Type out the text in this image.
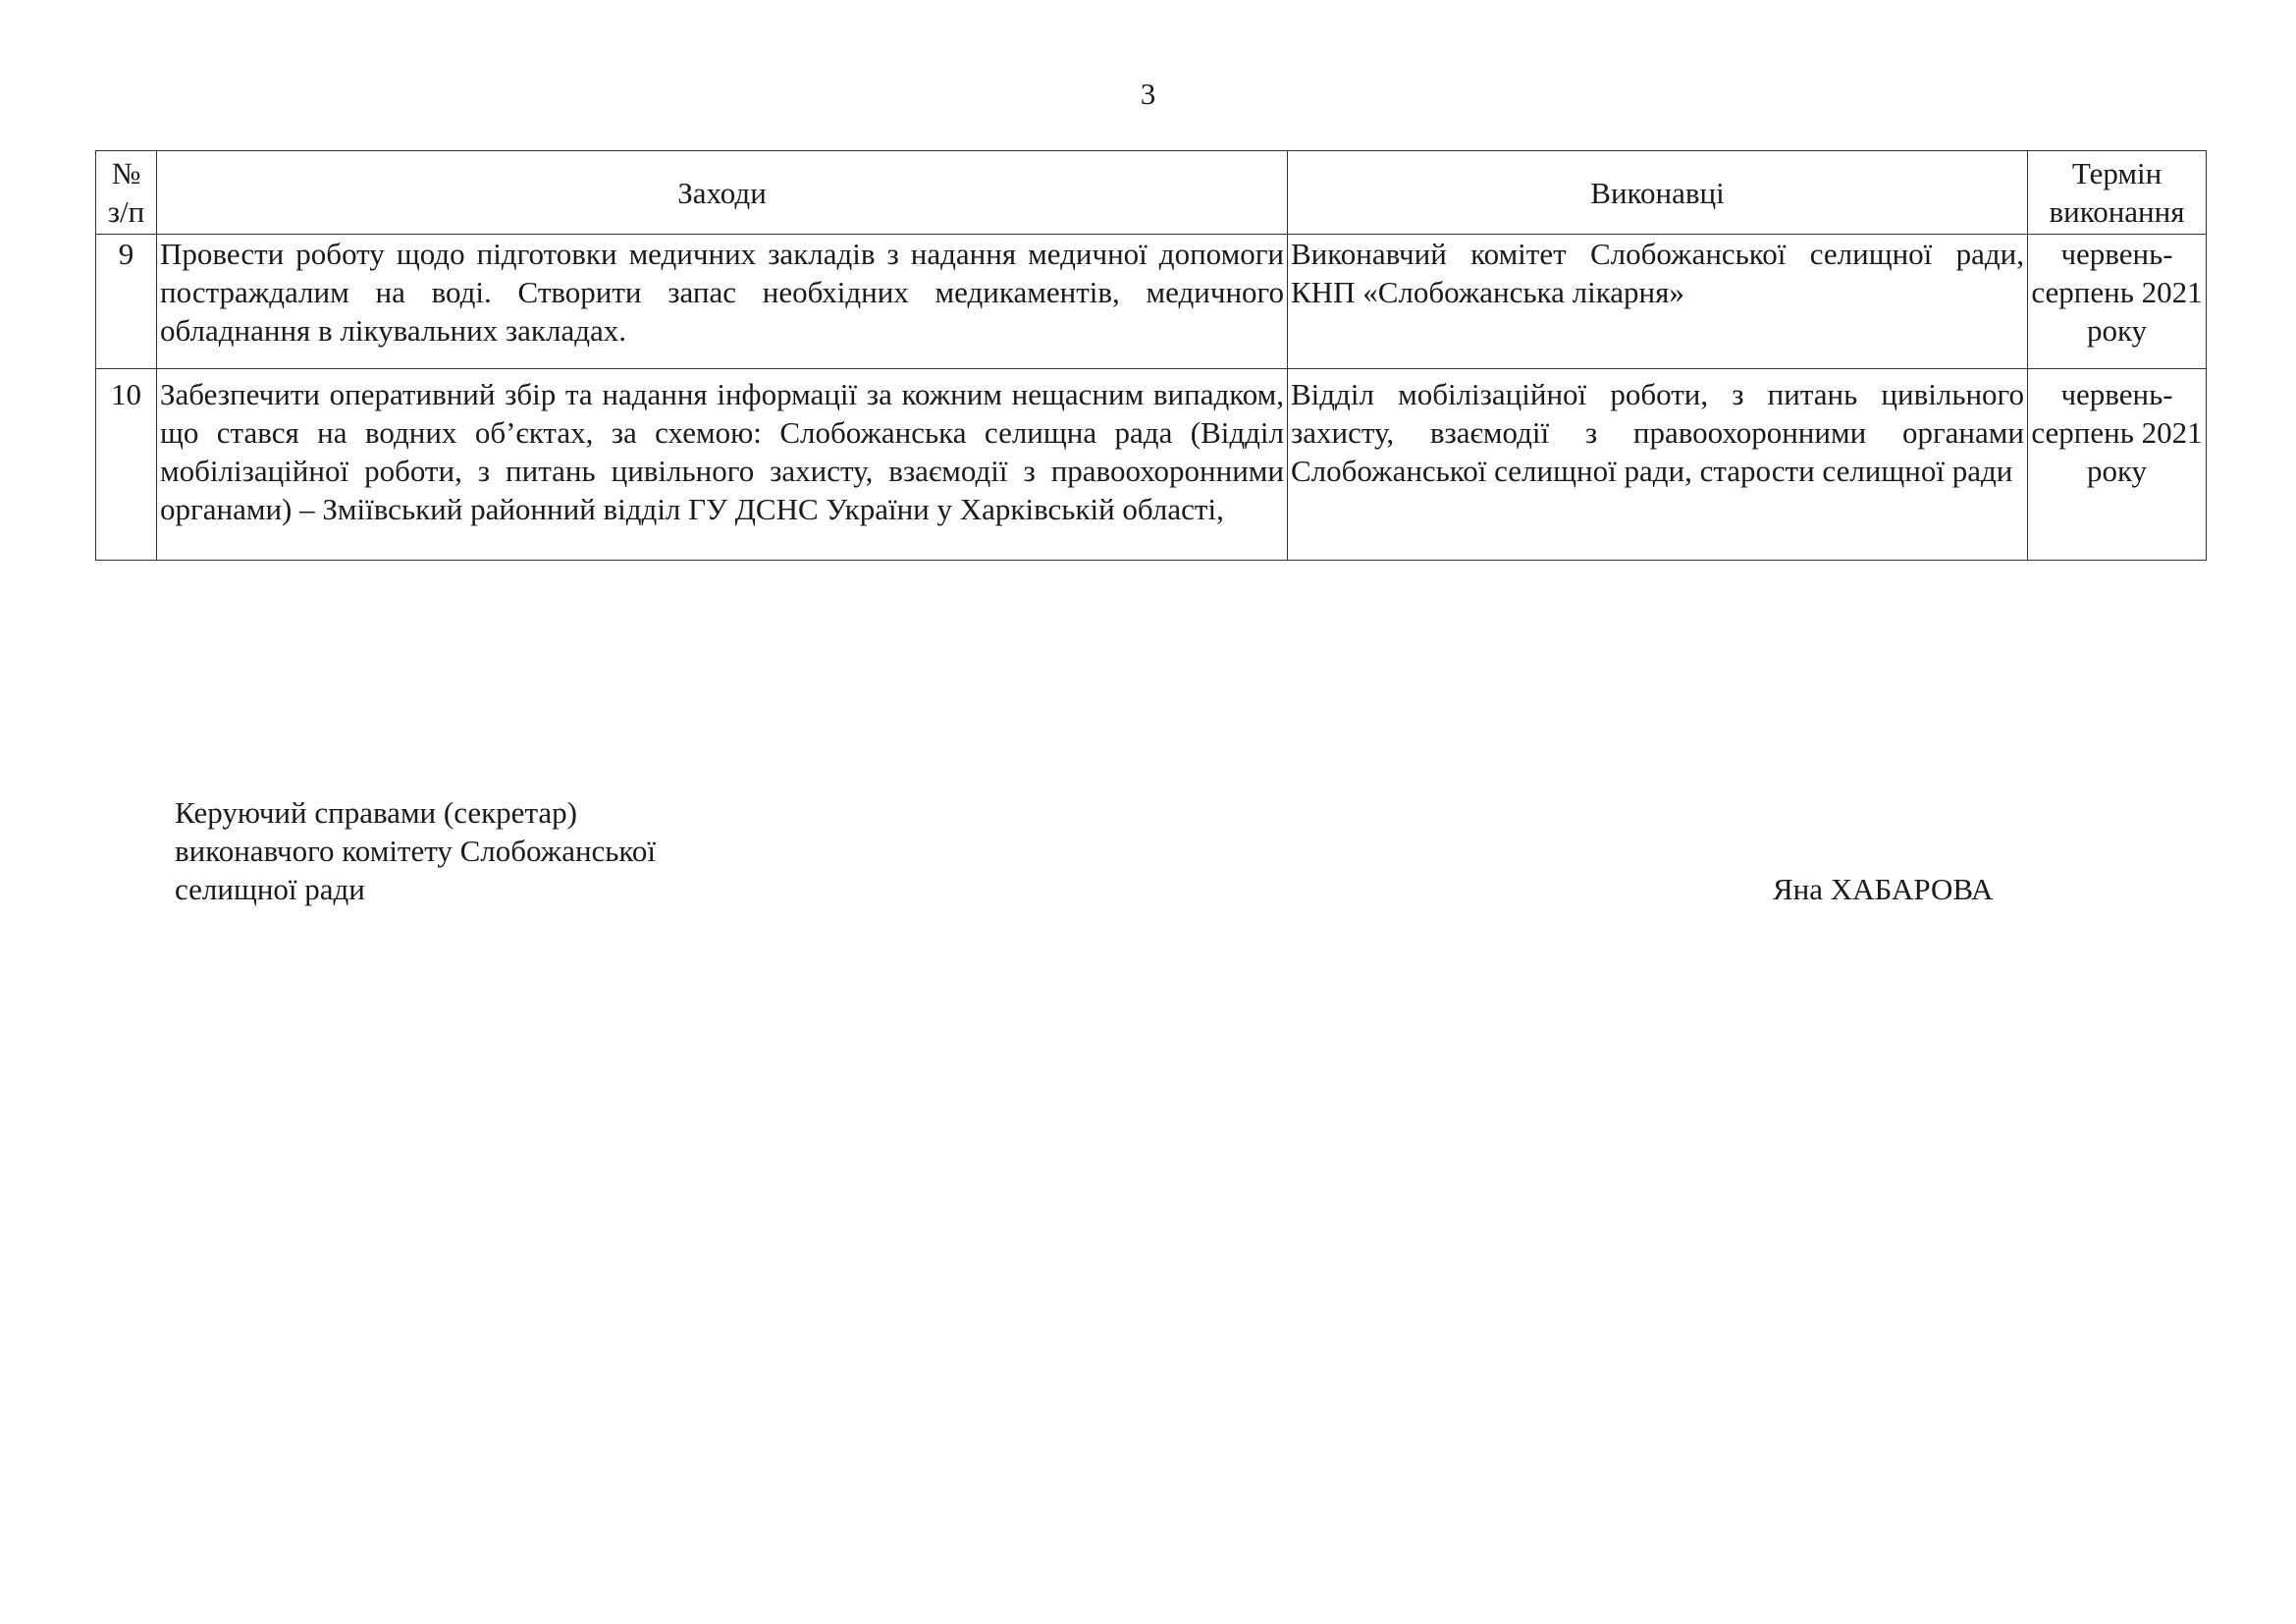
3
№ з/п	Заходи	Виконавці	Термін виконання
9	Провести роботу щодо підготовки медичних закладів з надання медичної допомоги постраждалим на воді. Створити запас необхідних медикаментів, медичного обладнання в лікувальних закладах.	Виконавчий комітет Слобожанської селищної ради, КНП «Слобожанська лікарня»	червень-серпень 2021 року
10	Забезпечити оперативний збір та надання інформації за кожним нещасним випадком, що стався на водних об’єктах, за схемою: Слобожанська селищна рада (Відділ мобілізаційної роботи, з питань цивільного захисту, взаємодії з правоохоронними органами) – Зміївський районний відділ ГУ ДСНС України у Харківській області,	Відділ мобілізаційної роботи, з питань цивільного захисту, взаємодії з правоохоронними органами Слобожанської селищної ради, старости селищної ради	червень-серпень 2021 року
Керуючий справами (секретар)
виконавчого комітету Слобожанської
селищної ради	Яна ХАБАРОВА
